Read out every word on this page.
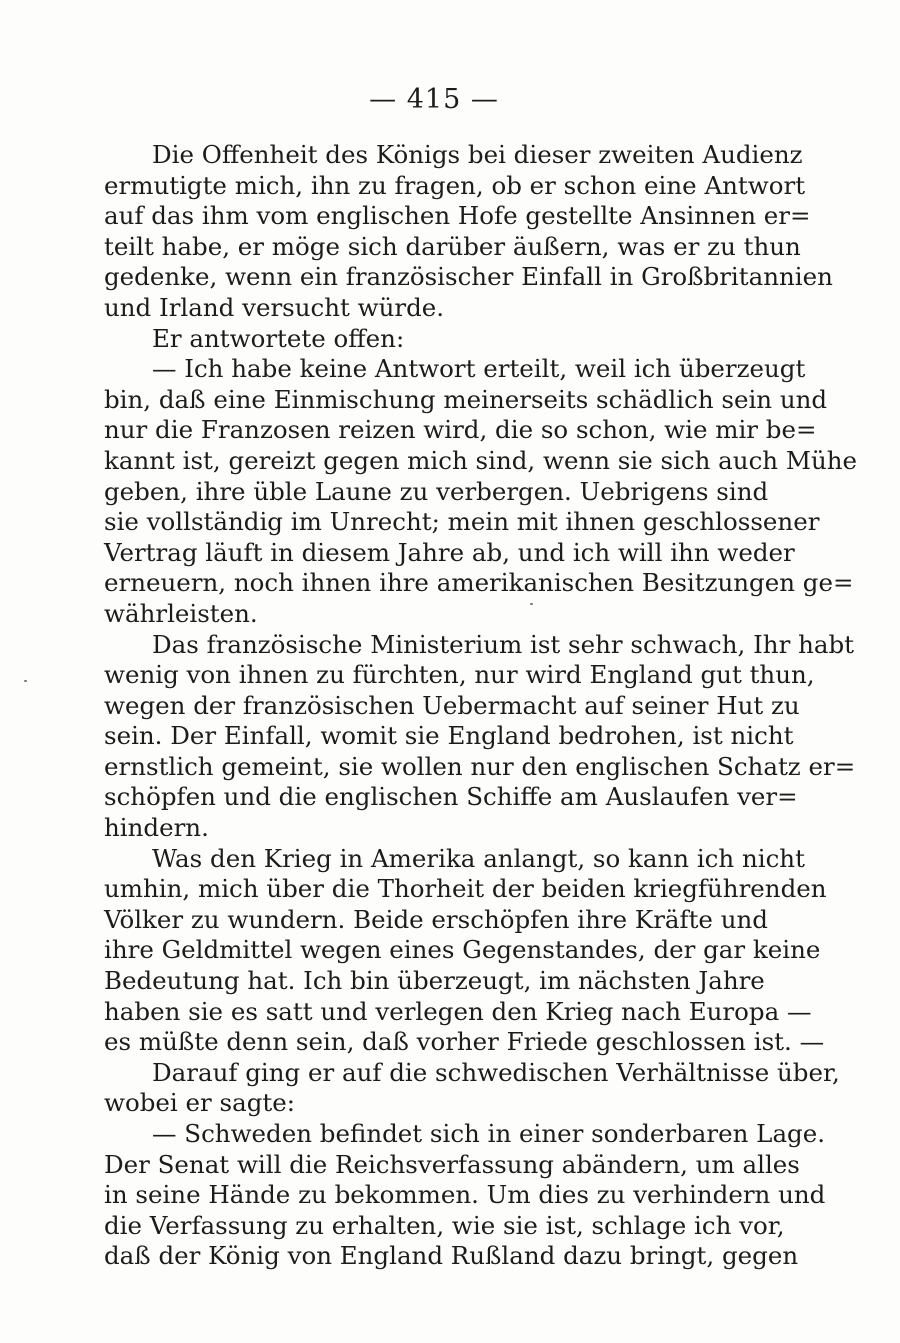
— 415 —
Die Offenheit des Königs bei dieser zweiten Audienz
ermutigte mich, ihn zu fragen, ob er schon eine Antwort
auf das ihm vom englischen Hofe gestellte Ansinnen er=
teilt habe, er möge sich darüber äußern, was er zu thun
gedenke, wenn ein französischer Einfall in Großbritannien
und Irland versucht würde.
Er antwortete offen:
— Ich habe keine Antwort erteilt, weil ich überzeugt
bin, daß eine Einmischung meinerseits schädlich sein und
nur die Franzosen reizen wird, die so schon, wie mir be=
kannt ist, gereizt gegen mich sind, wenn sie sich auch Mühe
geben, ihre üble Laune zu verbergen. Uebrigens sind
sie vollständig im Unrecht; mein mit ihnen geschlossener
Vertrag läuft in diesem Jahre ab, und ich will ihn weder
erneuern, noch ihnen ihre amerikanischen Besitzungen ge=
währleisten.
Das französische Ministerium ist sehr schwach, Ihr habt
wenig von ihnen zu fürchten, nur wird England gut thun,
wegen der französischen Uebermacht auf seiner Hut zu
sein. Der Einfall, womit sie England bedrohen, ist nicht
ernstlich gemeint, sie wollen nur den englischen Schatz er=
schöpfen und die englischen Schiffe am Auslaufen ver=
hindern.
Was den Krieg in Amerika anlangt, so kann ich nicht
umhin, mich über die Thorheit der beiden kriegführenden
Völker zu wundern. Beide erschöpfen ihre Kräfte und
ihre Geldmittel wegen eines Gegenstandes, der gar keine
Bedeutung hat. Ich bin überzeugt, im nächsten Jahre
haben sie es satt und verlegen den Krieg nach Europa —
es müßte denn sein, daß vorher Friede geschlossen ist. —
Darauf ging er auf die schwedischen Verhältnisse über,
wobei er sagte:
— Schweden befindet sich in einer sonderbaren Lage.
Der Senat will die Reichsverfassung abändern, um alles
in seine Hände zu bekommen. Um dies zu verhindern und
die Verfassung zu erhalten, wie sie ist, schlage ich vor,
daß der König von England Rußland dazu bringt, gegen
